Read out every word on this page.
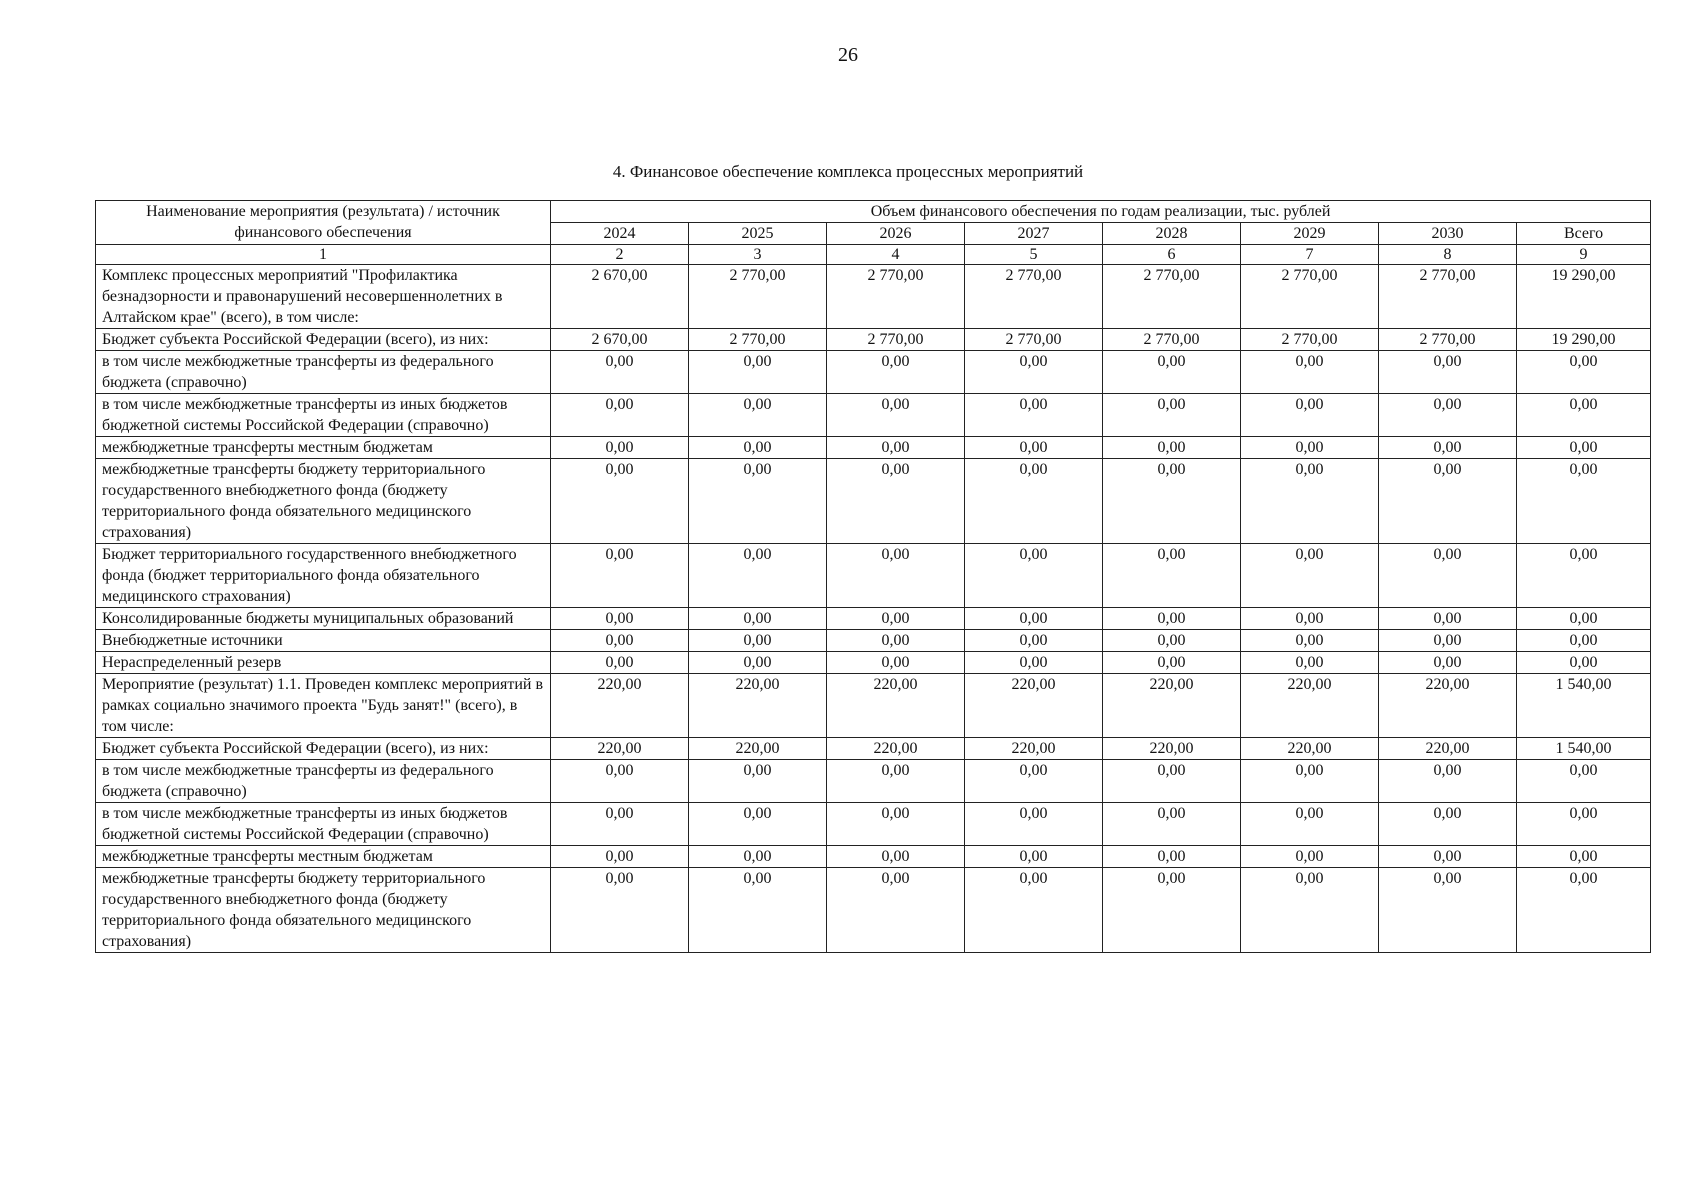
26
4. Финансовое обеспечение комплекса процессных мероприятий
Наименование мероприятия (результата) / источник финансового обеспечения	Объем финансового обеспечения по годам реализации, тыс. рублей							
	2024	2025	2026	2027	2028	2029	2030	Всего
1	2	3	4	5	6	7	8	9
Комплекс процессных мероприятий "Профилактика безнадзорности и правонарушений несовершеннолетних в Алтайском крае" (всего), в том числе:	2 670,00	2 770,00	2 770,00	2 770,00	2 770,00	2 770,00	2 770,00	19 290,00
Бюджет субъекта Российской Федерации (всего), из них:	2 670,00	2 770,00	2 770,00	2 770,00	2 770,00	2 770,00	2 770,00	19 290,00
в том числе межбюджетные трансферты из федерального бюджета (справочно)	0,00	0,00	0,00	0,00	0,00	0,00	0,00	0,00
в том числе межбюджетные трансферты из иных бюджетов бюджетной системы Российской Федерации (справочно)	0,00	0,00	0,00	0,00	0,00	0,00	0,00	0,00
межбюджетные трансферты местным бюджетам	0,00	0,00	0,00	0,00	0,00	0,00	0,00	0,00
межбюджетные трансферты бюджету территориального государственного внебюджетного фонда (бюджету территориального фонда обязательного медицинского страхования)	0,00	0,00	0,00	0,00	0,00	0,00	0,00	0,00
Бюджет территориального государственного внебюджетного фонда (бюджет территориального фонда обязательного медицинского страхования)	0,00	0,00	0,00	0,00	0,00	0,00	0,00	0,00
Консолидированные бюджеты муниципальных образований	0,00	0,00	0,00	0,00	0,00	0,00	0,00	0,00
Внебюджетные источники	0,00	0,00	0,00	0,00	0,00	0,00	0,00	0,00
Нераспределенный резерв	0,00	0,00	0,00	0,00	0,00	0,00	0,00	0,00
Мероприятие (результат) 1.1. Проведен комплекс мероприятий в рамках социально значимого проекта "Будь занят!" (всего), в том числе:	220,00	220,00	220,00	220,00	220,00	220,00	220,00	1 540,00
Бюджет субъекта Российской Федерации (всего), из них:	220,00	220,00	220,00	220,00	220,00	220,00	220,00	1 540,00
в том числе межбюджетные трансферты из федерального бюджета (справочно)	0,00	0,00	0,00	0,00	0,00	0,00	0,00	0,00
в том числе межбюджетные трансферты из иных бюджетов бюджетной системы Российской Федерации (справочно)	0,00	0,00	0,00	0,00	0,00	0,00	0,00	0,00
межбюджетные трансферты местным бюджетам	0,00	0,00	0,00	0,00	0,00	0,00	0,00	0,00
межбюджетные трансферты бюджету территориального государственного внебюджетного фонда (бюджету территориального фонда обязательного медицинского страхования)	0,00	0,00	0,00	0,00	0,00	0,00	0,00	0,00
